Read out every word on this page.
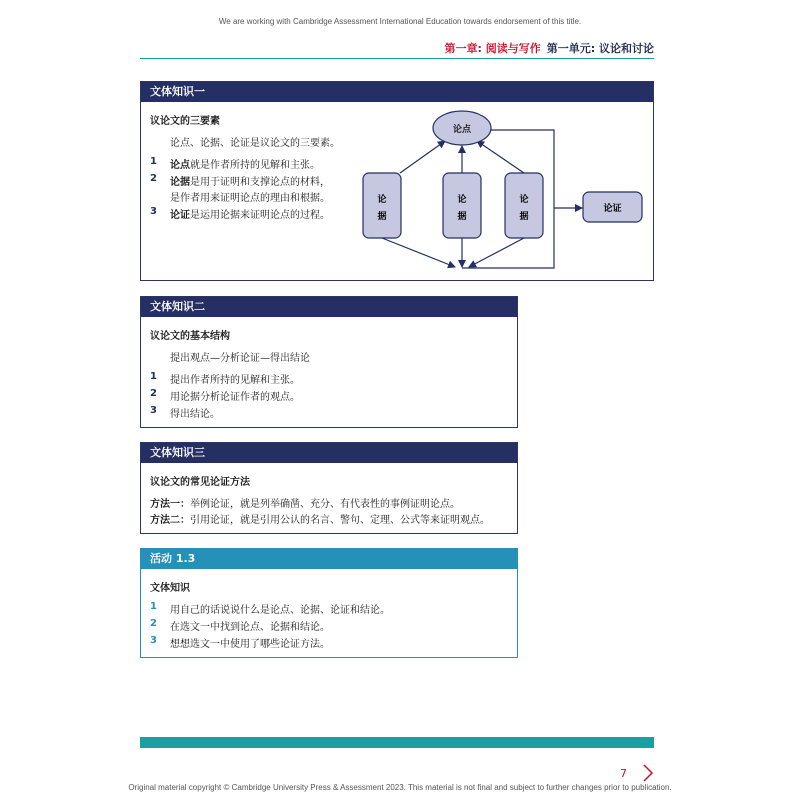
We are working with Cambridge Assessment International Education towards endorsement of this title.
第一章: 阅读与写作 第一单元: 议论和讨论
文体知识一
议论文的三要素
论点、论据、论证是议论文的三要素。
1 论点就是作者所持的见解和主张。
2 论据是用于证明和支撑论点的材料，
是作者用来证明论点的理由和根据。
3 论证是运用论据来证明论点的过程。
论点
论
据
论
据
论
据
论证
文体知识二
议论文的基本结构
提出观点—分析论证—得出结论
1 提出作者所持的见解和主张。
2 用论据分析论证作者的观点。
3 得出结论。
文体知识三
议论文的常见论证方法
方法一：举例论证，就是列举确凿、充分、有代表性的事例证明论点。
方法二：引用论证，就是引用公认的名言、警句、定理、公式等来证明观点。
活动 1.3
文体知识
1 用自己的话说说什么是论点、论据、论证和结论。
2 在选文一中找到论点、论据和结论。
3 想想选文一中使用了哪些论证方法。
7
Original material copyright © Cambridge University Press & Assessment 2023. This material is not final and subject to further changes prior to publication.
